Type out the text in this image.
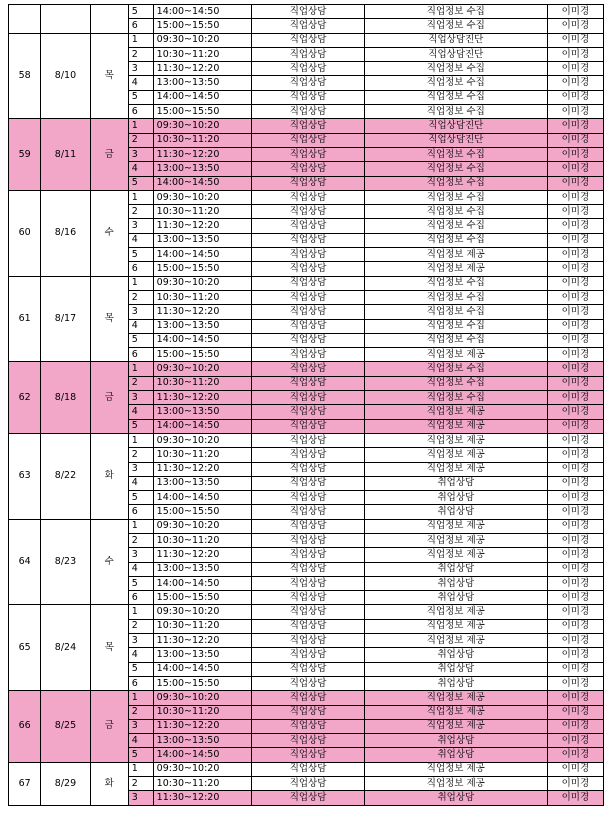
			5	14:00~14:50	직업상담	직업정보 수집	이미경
			6	15:00~15:50	직업상담	직업정보 수집	이미경
58	8/10	목	1	09:30~10:20	직업상담	직업상담진단	이미경
			2	10:30~11:20	직업상담	직업상담진단	이미경
			3	11:30~12:20	직업상담	직업정보 수집	이미경
			4	13:00~13:50	직업상담	직업정보 수집	이미경
			5	14:00~14:50	직업상담	직업정보 수집	이미경
			6	15:00~15:50	직업상담	직업정보 수집	이미경
59	8/11	금	1	09:30~10:20	직업상담	직업상담진단	이미경
			2	10:30~11:20	직업상담	직업상담진단	이미경
			3	11:30~12:20	직업상담	직업정보 수집	이미경
			4	13:00~13:50	직업상담	직업정보 수집	이미경
			5	14:00~14:50	직업상담	직업정보 수집	이미경
60	8/16	수	1	09:30~10:20	직업상담	직업정보 수집	이미경
			2	10:30~11:20	직업상담	직업정보 수집	이미경
			3	11:30~12:20	직업상담	직업정보 수집	이미경
			4	13:00~13:50	직업상담	직업정보 수집	이미경
			5	14:00~14:50	직업상담	직업정보 제공	이미경
			6	15:00~15:50	직업상담	직업정보 제공	이미경
61	8/17	목	1	09:30~10:20	직업상담	직업정보 수집	이미경
			2	10:30~11:20	직업상담	직업정보 수집	이미경
			3	11:30~12:20	직업상담	직업정보 수집	이미경
			4	13:00~13:50	직업상담	직업정보 수집	이미경
			5	14:00~14:50	직업상담	직업정보 수집	이미경
			6	15:00~15:50	직업상담	직업정보 제공	이미경
62	8/18	금	1	09:30~10:20	직업상담	직업정보 수집	이미경
			2	10:30~11:20	직업상담	직업정보 수집	이미경
			3	11:30~12:20	직업상담	직업정보 수집	이미경
			4	13:00~13:50	직업상담	직업정보 제공	이미경
			5	14:00~14:50	직업상담	직업정보 제공	이미경
63	8/22	화	1	09:30~10:20	직업상담	직업정보 제공	이미경
			2	10:30~11:20	직업상담	직업정보 제공	이미경
			3	11:30~12:20	직업상담	직업정보 제공	이미경
			4	13:00~13:50	직업상담	취업상담	이미경
			5	14:00~14:50	직업상담	취업상담	이미경
			6	15:00~15:50	직업상담	취업상담	이미경
64	8/23	수	1	09:30~10:20	직업상담	직업정보 제공	이미경
			2	10:30~11:20	직업상담	직업정보 제공	이미경
			3	11:30~12:20	직업상담	직업정보 제공	이미경
			4	13:00~13:50	직업상담	취업상담	이미경
			5	14:00~14:50	직업상담	취업상담	이미경
			6	15:00~15:50	직업상담	취업상담	이미경
65	8/24	목	1	09:30~10:20	직업상담	직업정보 제공	이미경
			2	10:30~11:20	직업상담	직업정보 제공	이미경
			3	11:30~12:20	직업상담	직업정보 제공	이미경
			4	13:00~13:50	직업상담	취업상담	이미경
			5	14:00~14:50	직업상담	취업상담	이미경
			6	15:00~15:50	직업상담	취업상담	이미경
66	8/25	금	1	09:30~10:20	직업상담	직업정보 제공	이미경
			2	10:30~11:20	직업상담	직업정보 제공	이미경
			3	11:30~12:20	직업상담	직업정보 제공	이미경
			4	13:00~13:50	직업상담	취업상담	이미경
			5	14:00~14:50	직업상담	취업상담	이미경
67	8/29	화	1	09:30~10:20	직업상담	직업정보 제공	이미경
			2	10:30~11:20	직업상담	직업정보 제공	이미경
			3	11:30~12:20	직업상담	취업상담	이미경
